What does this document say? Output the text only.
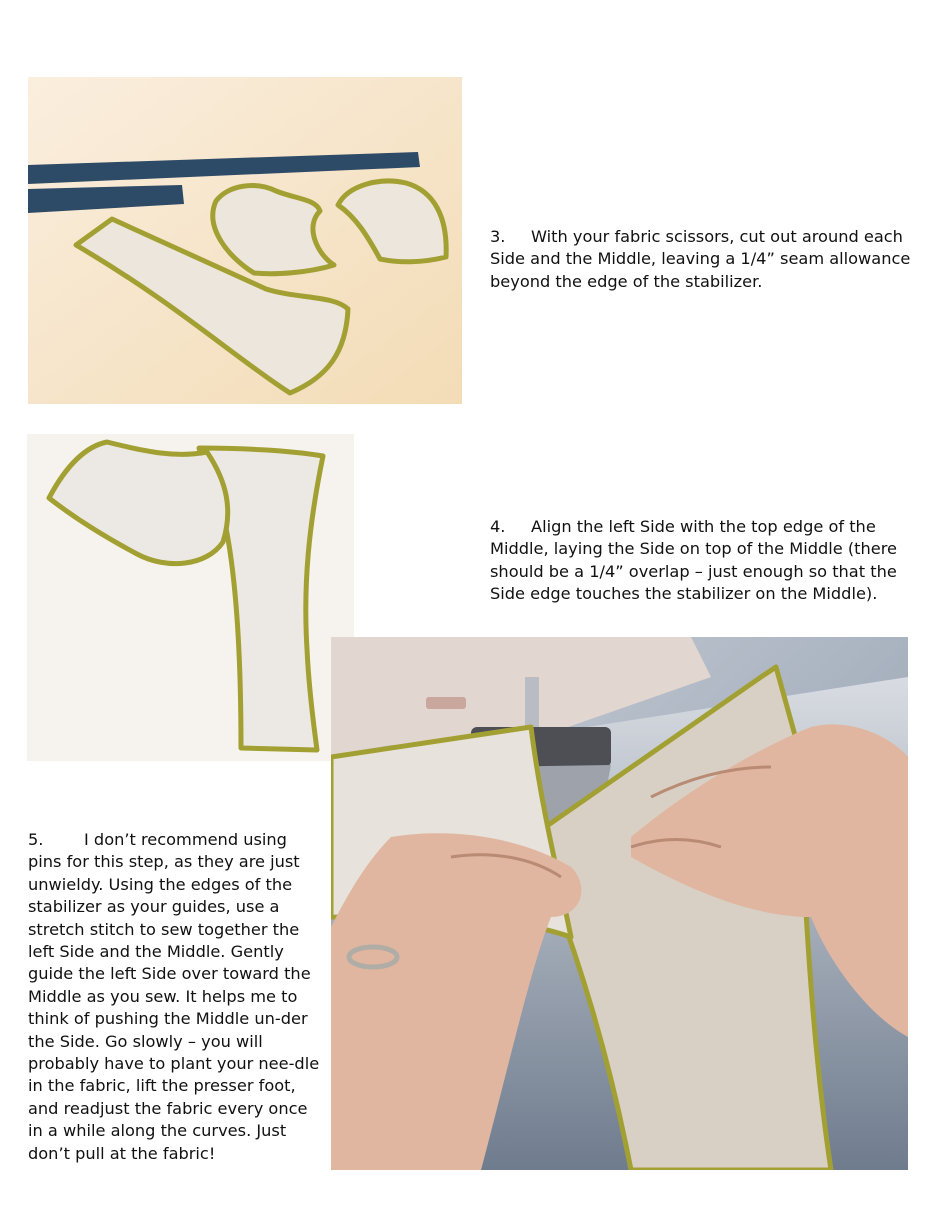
3. With your fabric scissors, cut out around each Side and the Middle, leaving a 1/4” seam allowance beyond the edge of the stabilizer.

4. Align the left Side with the top edge of the Middle, laying the Side on top of the Middle (there should be a 1/4” overlap – just enough so that the Side edge touches the stabilizer on the Middle).

5.	I don’t recommend using pins for this step, as they are just unwieldy. Using the edges of the stabilizer as your guides, use a stretch stitch to sew together the left Side and the Middle. Gently guide the left Side over toward the Middle as you sew. It helps me to think of pushing the Middle un-der the Side. Go slowly – you will probably have to plant your nee-dle in the fabric, lift the presser foot, and readjust the fabric every once in a while along the curves. Just don’t pull at the fabric!
